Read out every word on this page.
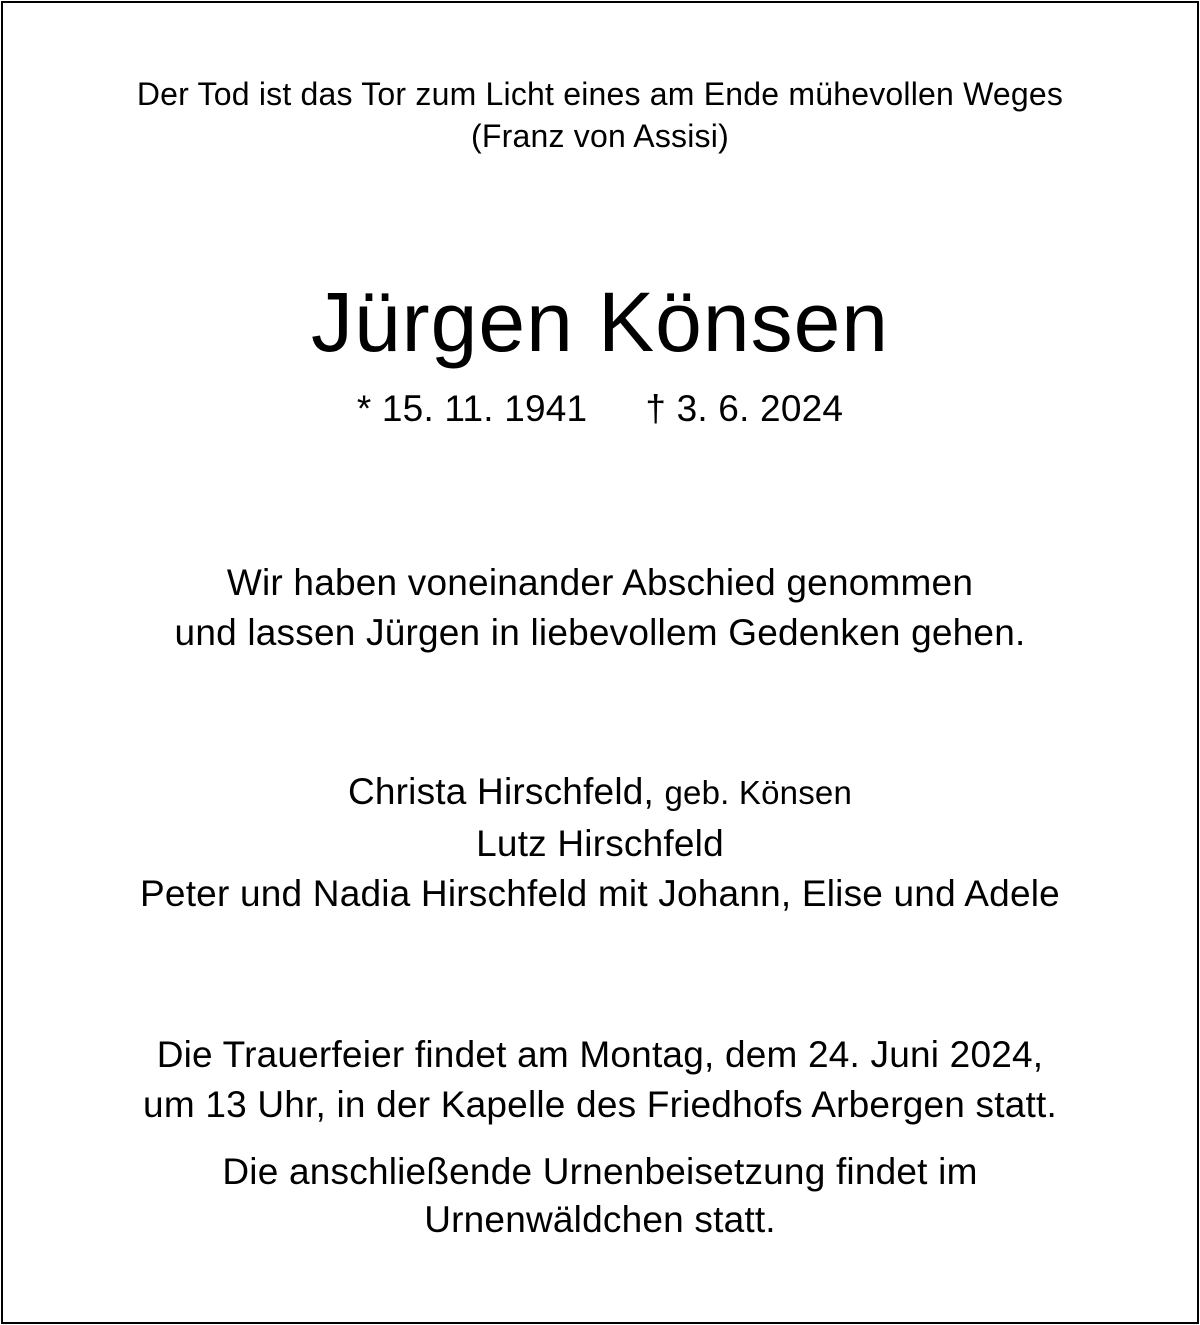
Der Tod ist das Tor zum Licht eines am Ende mühevollen Weges
(Franz von Assisi)
Jürgen Könsen
* 15. 11. 1941 † 3. 6. 2024
Wir haben voneinander Abschied genommen
und lassen Jürgen in liebevollem Gedenken gehen.
Christa Hirschfeld, geb. Könsen
Lutz Hirschfeld
Peter und Nadia Hirschfeld mit Johann, Elise und Adele
Die Trauerfeier findet am Montag, dem 24. Juni 2024,
um 13 Uhr, in der Kapelle des Friedhofs Arbergen statt.
Die anschließende Urnenbeisetzung findet im
Urnenwäldchen statt.
